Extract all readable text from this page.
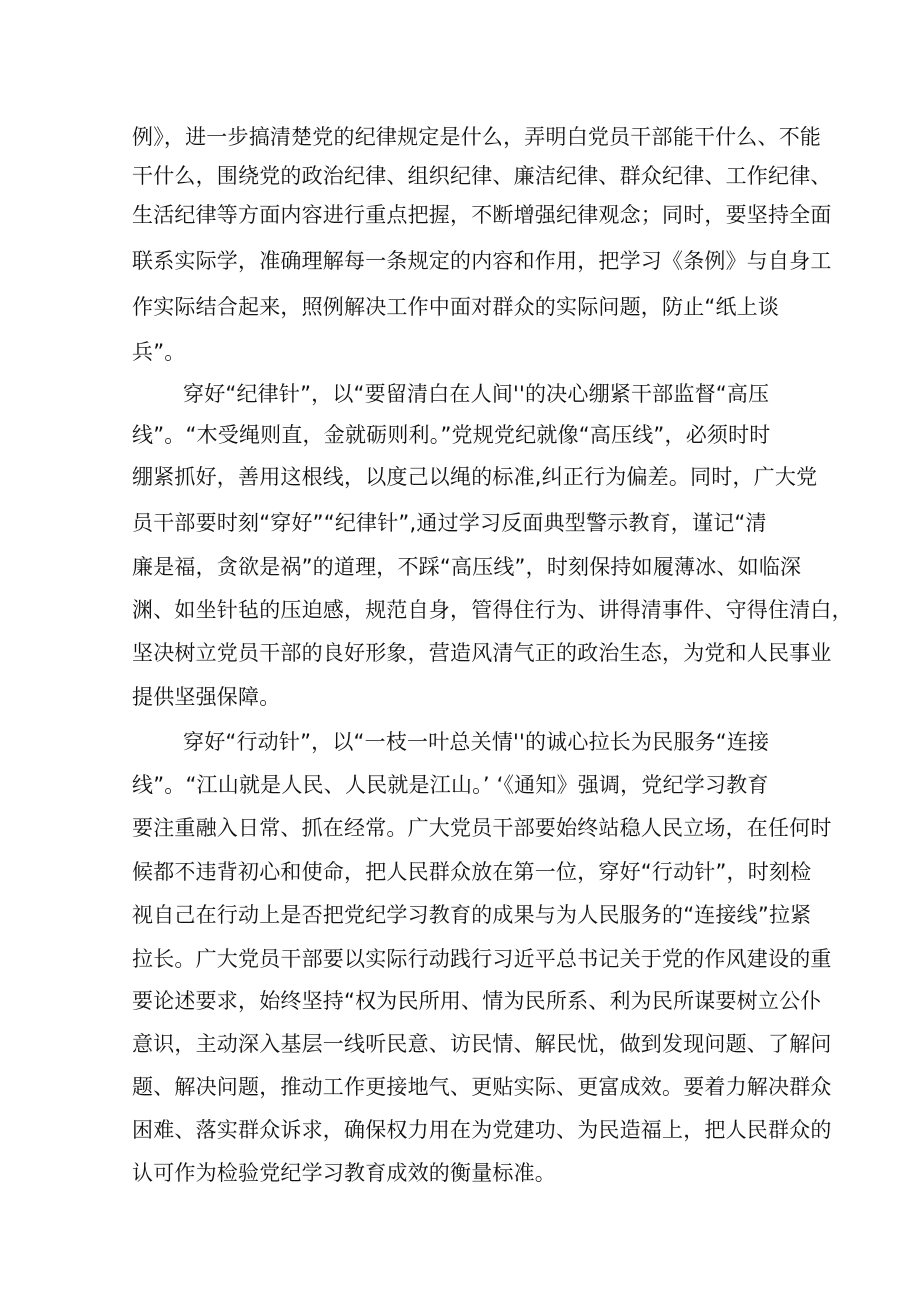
例》，进一步搞清楚党的纪律规定是什么，弄明白党员干部能干什么、不能
干什么，围绕党的政治纪律、组织纪律、廉洁纪律、群众纪律、工作纪律、
生活纪律等方面内容进行重点把握，不断增强纪律观念；同时，要坚持全面
联系实际学，准确理解每一条规定的内容和作用，把学习《条例》与自身工
作实际结合起来，照例解决工作中面对群众的实际问题，防止“纸上谈
兵”。
穿好“纪律针”，以“要留清白在人间''的决心绷紧干部监督“高压
线”。“木受绳则直，金就砺则利。”党规党纪就像“高压线”，必须时时
绷紧抓好，善用这根线，以度己以绳的标准,纠正行为偏差。同时，广大党
员干部要时刻“穿好”“纪律针”,通过学习反面典型警示教育，谨记“清
廉是福，贪欲是祸”的道理，不踩“高压线”，时刻保持如履薄冰、如临深
渊、如坐针毡的压迫感，规范自身，管得住行为、讲得清事件、守得住清白，
坚决树立党员干部的良好形象，营造风清气正的政治生态，为党和人民事业
提供坚强保障。
穿好“行动针”，以“一枝一叶总关情''的诚心拉长为民服务“连接
线”。“江山就是人民、人民就是江山。’ ‘《通知》强调，党纪学习教育
要注重融入日常、抓在经常。广大党员干部要始终站稳人民立场，在任何时
候都不违背初心和使命，把人民群众放在第一位，穿好“行动针”，时刻检
视自己在行动上是否把党纪学习教育的成果与为人民服务的“连接线”拉紧
拉长。广大党员干部要以实际行动践行习近平总书记关于党的作风建设的重
要论述要求，始终坚持“权为民所用、情为民所系、利为民所谋要树立公仆
意识，主动深入基层一线听民意、访民情、解民忧，做到发现问题、了解问
题、解决问题，推动工作更接地气、更贴实际、更富成效。要着力解决群众
困难、落实群众诉求，确保权力用在为党建功、为民造福上，把人民群众的
认可作为检验党纪学习教育成效的衡量标准。
